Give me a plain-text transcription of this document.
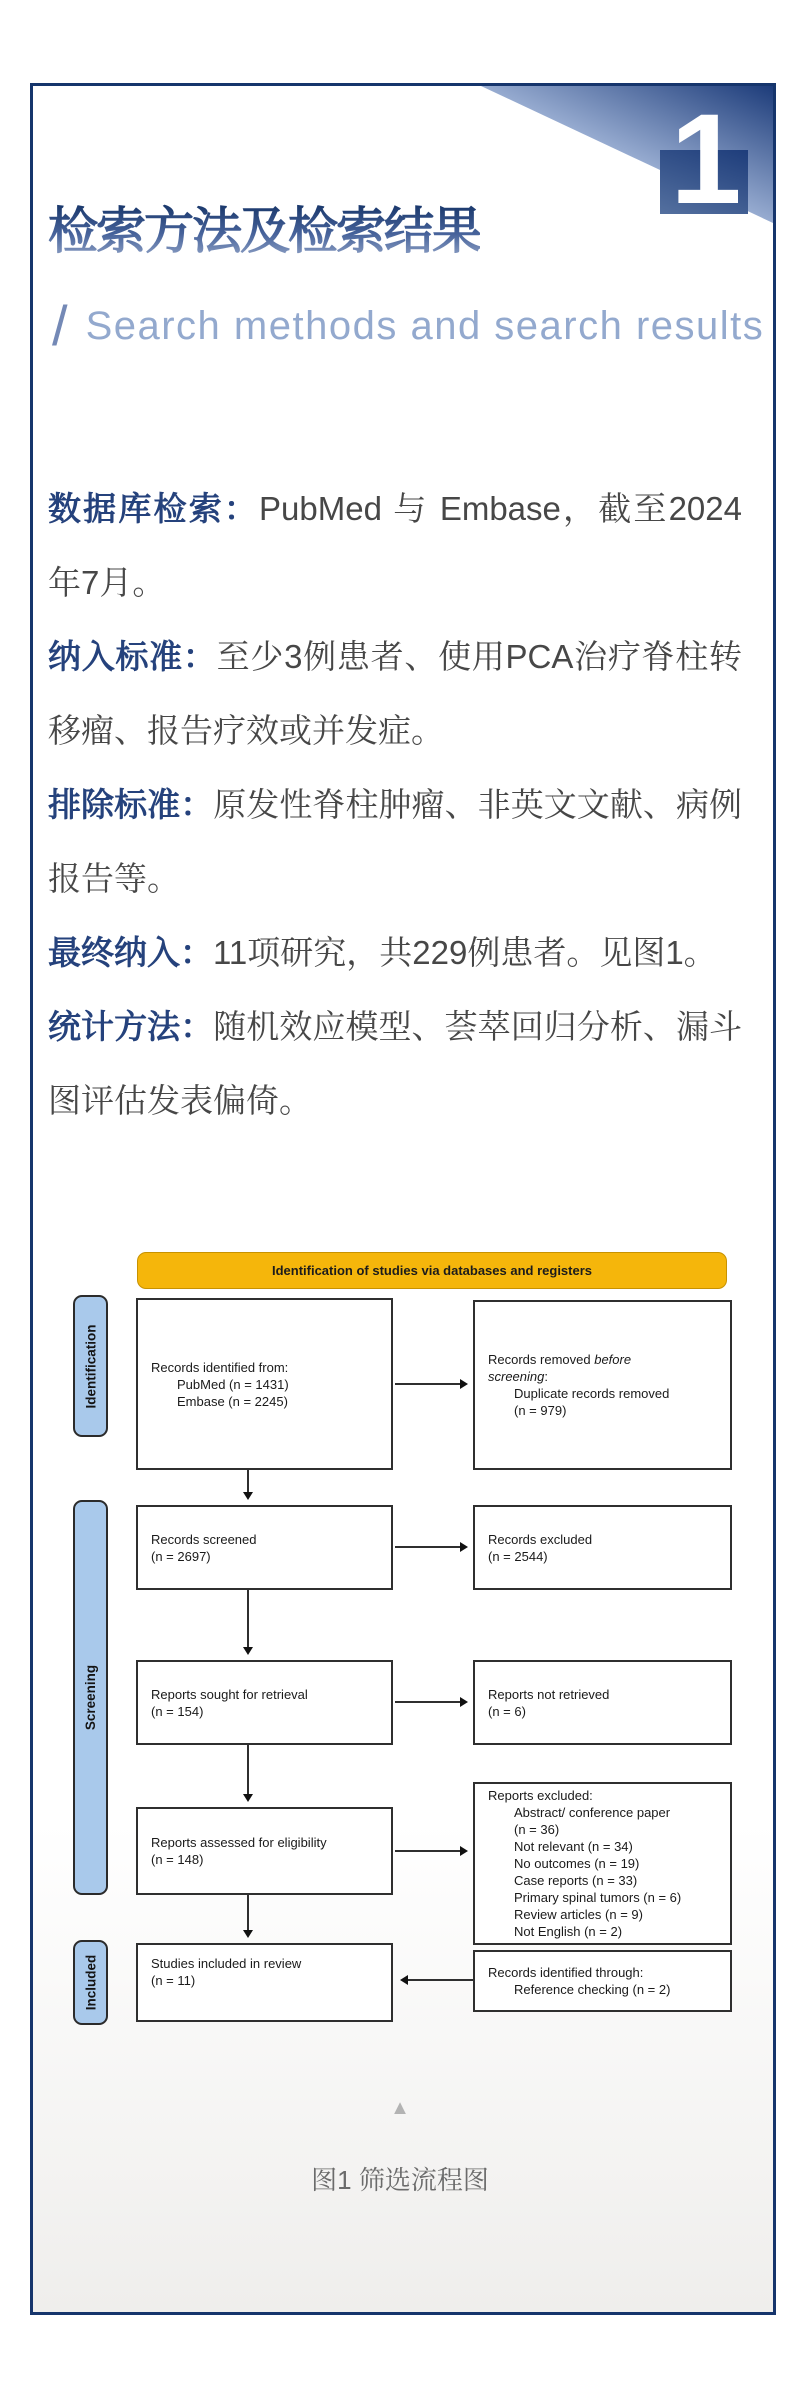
1
检索方法及检索结果
/ Search methods and search results

数据库检索：PubMed 与 Embase，截至2024年7月。

纳入标准：至少3例患者、使用PCA治疗脊柱转移瘤、报告疗效或并发症。

排除标准：原发性脊柱肿瘤、非英文文献、病例报告等。

最终纳入：11项研究，共229例患者。见图1。

统计方法：随机效应模型、荟萃回归分析、漏斗图评估发表偏倚。

Identification of studies via databases and registers
Identification
Screening
Included
Records identified from:
PubMed (n = 1431)
Embase (n = 2245)
Records screened
(n = 2697)
Reports sought for retrieval
(n = 154)
Reports assessed for eligibility
(n = 148)
Studies included in review
(n = 11)
Records removed before
screening:
Duplicate records removed
(n = 979)
Records excluded
(n = 2544)
Reports not retrieved
(n = 6)
Reports excluded:
Abstract/ conference paper
(n = 36)
Not relevant (n = 34)
No outcomes (n = 19)
Case reports (n = 33)
Primary spinal tumors (n = 6)
Review articles (n = 9)
Not English (n = 2)
Records identified through:
Reference checking (n = 2)
▲
图1 筛选流程图
